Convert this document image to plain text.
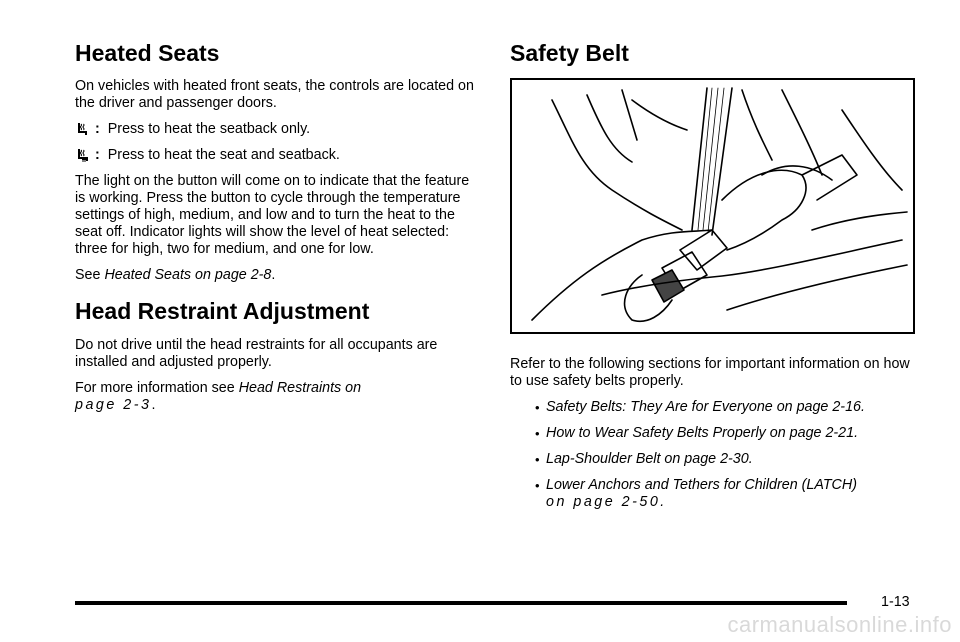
Heated Seats

On vehicles with heated front seats, the controls are located on the driver and passenger doors.

: Press to heat the seatback only.

: Press to heat the seat and seatback.

The light on the button will come on to indicate that the feature is working. Press the button to cycle through the temperature settings of high, medium, and low and to turn the heat to the seat off. Indicator lights will show the level of heat selected: three for high, two for medium, and one for low.

See Heated Seats on page 2‑8.

Head Restraint Adjustment

Do not drive until the head restraints for all occupants are installed and adjusted properly.

For more information see Head Restraints on
page 2‑3.

Safety Belt

Refer to the following sections for important information on how to use safety belts properly.

• Safety Belts: They Are for Everyone on page 2‑16.
• How to Wear Safety Belts Properly on page 2‑21.
• Lap‑Shoulder Belt on page 2‑30.
• Lower Anchors and Tethers for Children (LATCH)
on page 2‑50.
1-13
carmanualsonline.info
